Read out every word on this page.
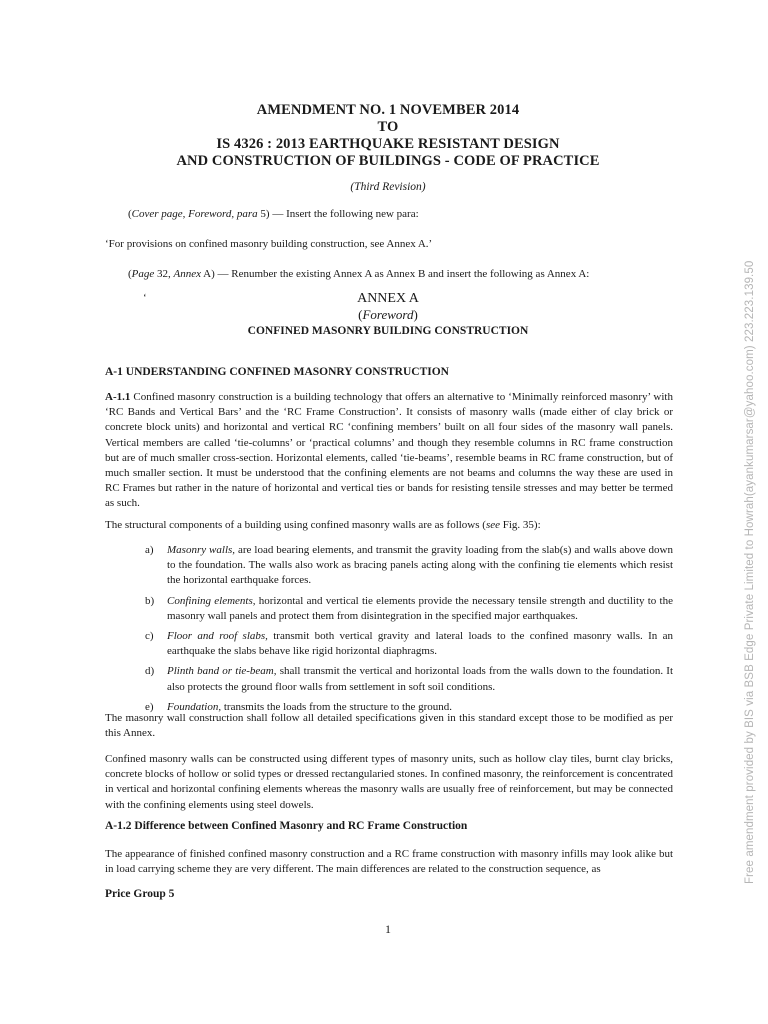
AMENDMENT NO. 1 NOVEMBER 2014
TO
IS 4326 : 2013 EARTHQUAKE RESISTANT DESIGN
AND CONSTRUCTION OF BUILDINGS - CODE OF PRACTICE
(Third Revision)
(Cover page, Foreword, para 5) — Insert the following new para:
‘For provisions on confined masonry building construction, see Annex A.’
(Page 32, Annex A) — Renumber the existing Annex A as Annex B and insert the following as Annex A:
‘	ANNEX A
(Foreword)
CONFINED MASONRY BUILDING CONSTRUCTION
A-1 UNDERSTANDING CONFINED MASONRY CONSTRUCTION
A-1.1 Confined masonry construction is a building technology that offers an alternative to ‘Minimally reinforced masonry’ with ‘RC Bands and Vertical Bars’ and the ‘RC Frame Construction’. It consists of masonry walls (made either of clay brick or concrete block units) and horizontal and vertical RC ‘confining members’ built on all four sides of the masonry wall panels. Vertical members are called ‘tie-columns’ or ‘practical columns’ and though they resemble columns in RC frame construction but are of much smaller cross-section. Horizontal elements, called ‘tie-beams’, resemble beams in RC frame construction, but of much smaller section. It must be understood that the confining elements are not beams and columns the way these are used in RC Frames but rather in the nature of horizontal and vertical ties or bands for resisting tensile stresses and may better be termed as such.
The structural components of a building using confined masonry walls are as follows (see Fig. 35):
a) Masonry walls, are load bearing elements, and transmit the gravity loading from the slab(s) and walls above down to the foundation. The walls also work as bracing panels acting along with the confining tie elements which resist the horizontal earthquake forces.
b) Confining elements, horizontal and vertical tie elements provide the necessary tensile strength and ductility to the masonry wall panels and protect them from disintegration in the specified major earthquakes.
c) Floor and roof slabs, transmit both vertical gravity and lateral loads to the confined masonry walls. In an earthquake the slabs behave like rigid horizontal diaphragms.
d) Plinth band or tie-beam, shall transmit the vertical and horizontal loads from the walls down to the foundation. It also protects the ground floor walls from settlement in soft soil conditions.
e) Foundation, transmits the loads from the structure to the ground.
The masonry wall construction shall follow all detailed specifications given in this standard except those to be modified as per this Annex.
Confined masonry walls can be constructed using different types of masonry units, such as hollow clay tiles, burnt clay bricks, concrete blocks of hollow or solid types or dressed rectangularied stones. In confined masonry, the reinforcement is concentrated in vertical and horizontal confining elements whereas the masonry walls are usually free of reinforcement, but may be connected with the confining elements using steel dowels.
A-1.2 Difference between Confined Masonry and RC Frame Construction
The appearance of finished confined masonry construction and a RC frame construction with masonry infills may look alike but in load carrying scheme they are very different. The main differences are related to the construction sequence, as
Price Group 5
1
Free amendment provided by BIS via BSB Edge Private Limited to Howrah(ayankumarsar@yahoo.com) 223.223.139.50
